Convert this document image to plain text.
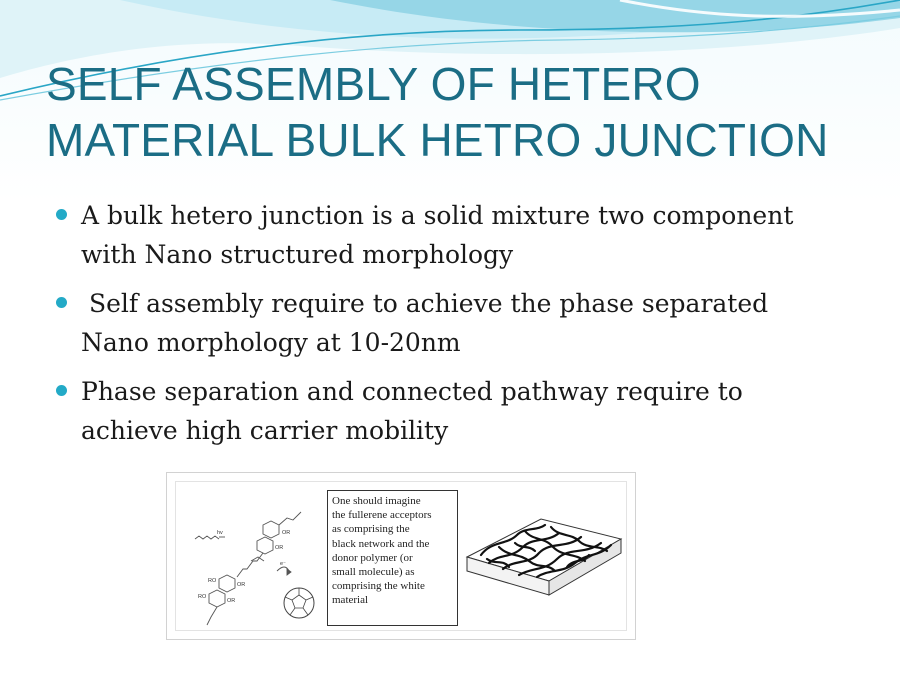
SELF ASSEMBLY OF HETERO
MATERIAL BULK HETRO JUNCTION
A bulk hetero junction is a solid mixture two component
with Nano structured morphology
Self assembly require to achieve the phase separated
Nano morphology at 10-20nm
Phase separation and connected pathway require to
achieve high carrier mobility
hv	OR
OR
RO
OR
RO
OR
e⁻
One should imagine
the fullerene acceptors
as comprising the
black network and the
donor polymer (or
small molecule) as
comprising the white
material
